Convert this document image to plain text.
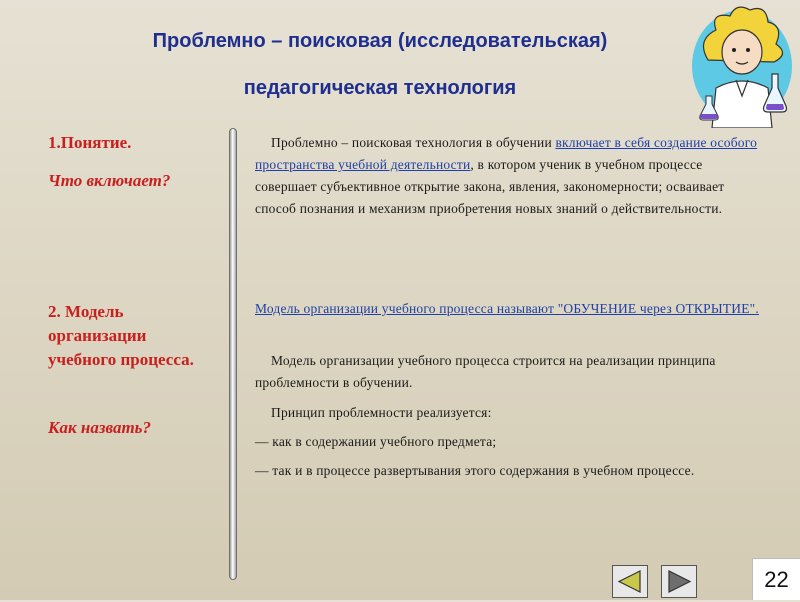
Проблемно – поисковая (исследовательская)
педагогическая технология

1.Понятие.

Что включает?

2. Модель организации учебного процесса.

Как назвать?

Проблемно – поисковая технология в обучении включает в себя создание особого пространства учебной деятельности, в котором ученик в учебном процессе совершает субъективное открытие закона, явления, закономерности; осваивает способ познания и механизм приобретения новых знаний о действительности.

Модель организации учебного процесса называют "ОБУЧЕНИЕ через ОТКРЫТИЕ".

Модель организации учебного процесса строится на реализации принципа проблемности в обучении.

Принцип проблемности реализуется:

— как в содержании учебного предмета;

— так и в процессе развертывания этого содержания в учебном процессе.

22
